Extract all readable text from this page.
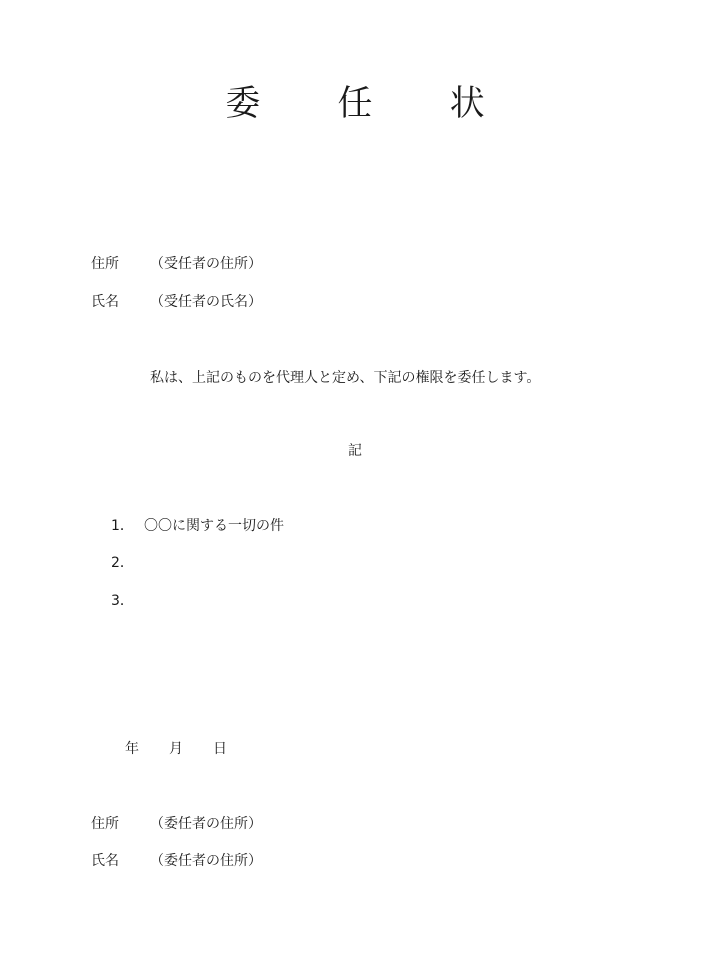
委 任 状
住所 （受任者の住所）
氏名 （受任者の氏名）
私は、上記のものを代理人と定め、下記の権限を委任します。
記
1． 〇〇に関する一切の件
2．
3．
年 月 日
住所 （委任者の住所）
氏名 （委任者の住所）
